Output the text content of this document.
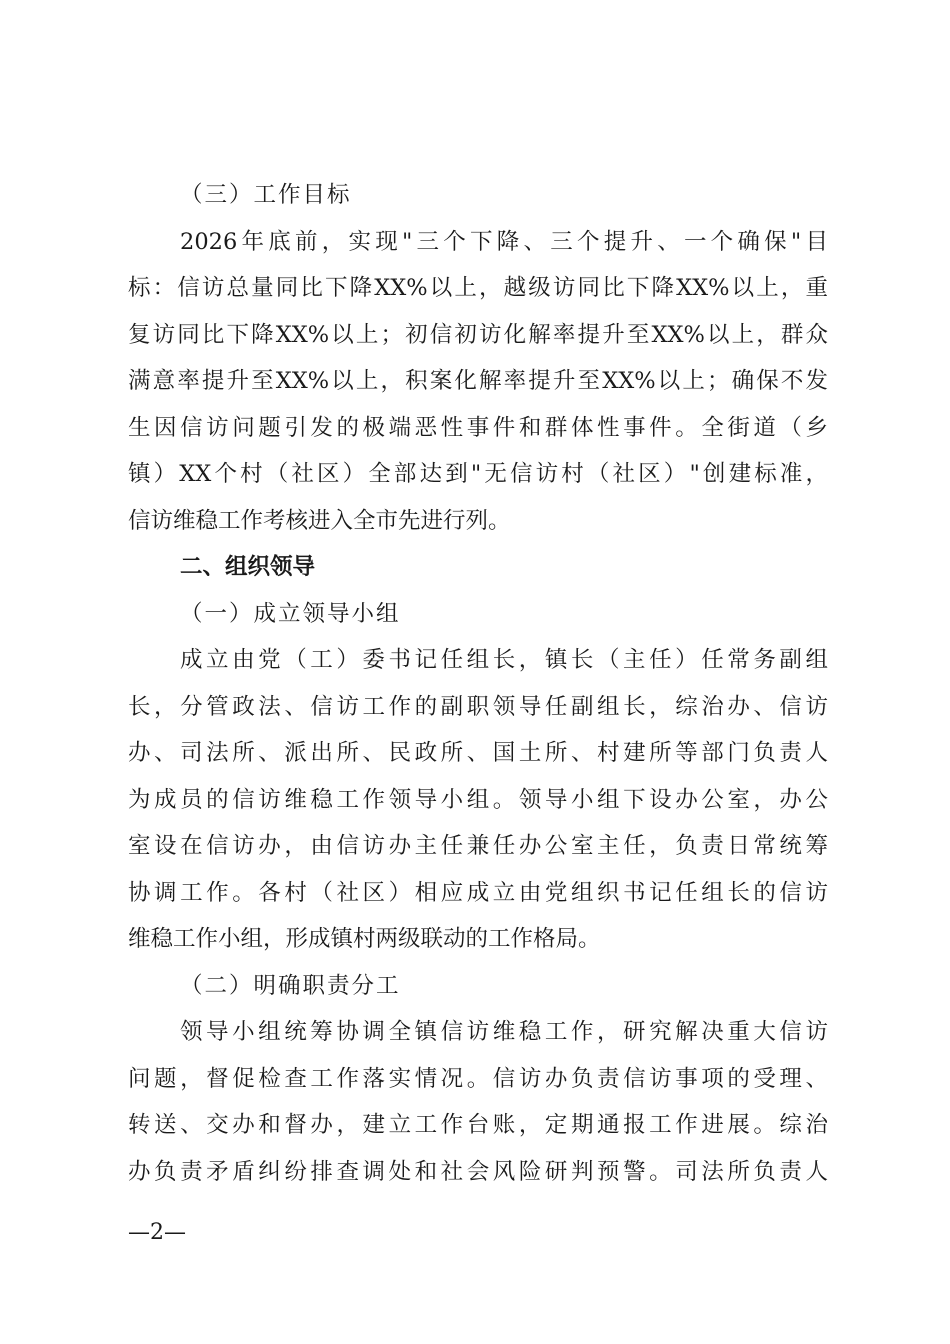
（三）工作目标
2026年底前，实现"三个下降、三个提升、一个确保"目
标：信访总量同比下降XX%以上，越级访同比下降XX%以上，重
复访同比下降XX%以上；初信初访化解率提升至XX%以上，群众
满意率提升至XX%以上，积案化解率提升至XX%以上；确保不发
生因信访问题引发的极端恶性事件和群体性事件。全街道（乡
镇）XX个村（社区）全部达到"无信访村（社区）"创建标准，
信访维稳工作考核进入全市先进行列。
二、组织领导
（一）成立领导小组
成立由党（工）委书记任组长，镇长（主任）任常务副组
长，分管政法、信访工作的副职领导任副组长，综治办、信访
办、司法所、派出所、民政所、国土所、村建所等部门负责人
为成员的信访维稳工作领导小组。领导小组下设办公室，办公
室设在信访办，由信访办主任兼任办公室主任，负责日常统筹
协调工作。各村（社区）相应成立由党组织书记任组长的信访
维稳工作小组，形成镇村两级联动的工作格局。
（二）明确职责分工
领导小组统筹协调全镇信访维稳工作，研究解决重大信访
问题，督促检查工作落实情况。信访办负责信访事项的受理、
转送、交办和督办，建立工作台账，定期通报工作进展。综治
办负责矛盾纠纷排查调处和社会风险研判预警。司法所负责人
—2—
